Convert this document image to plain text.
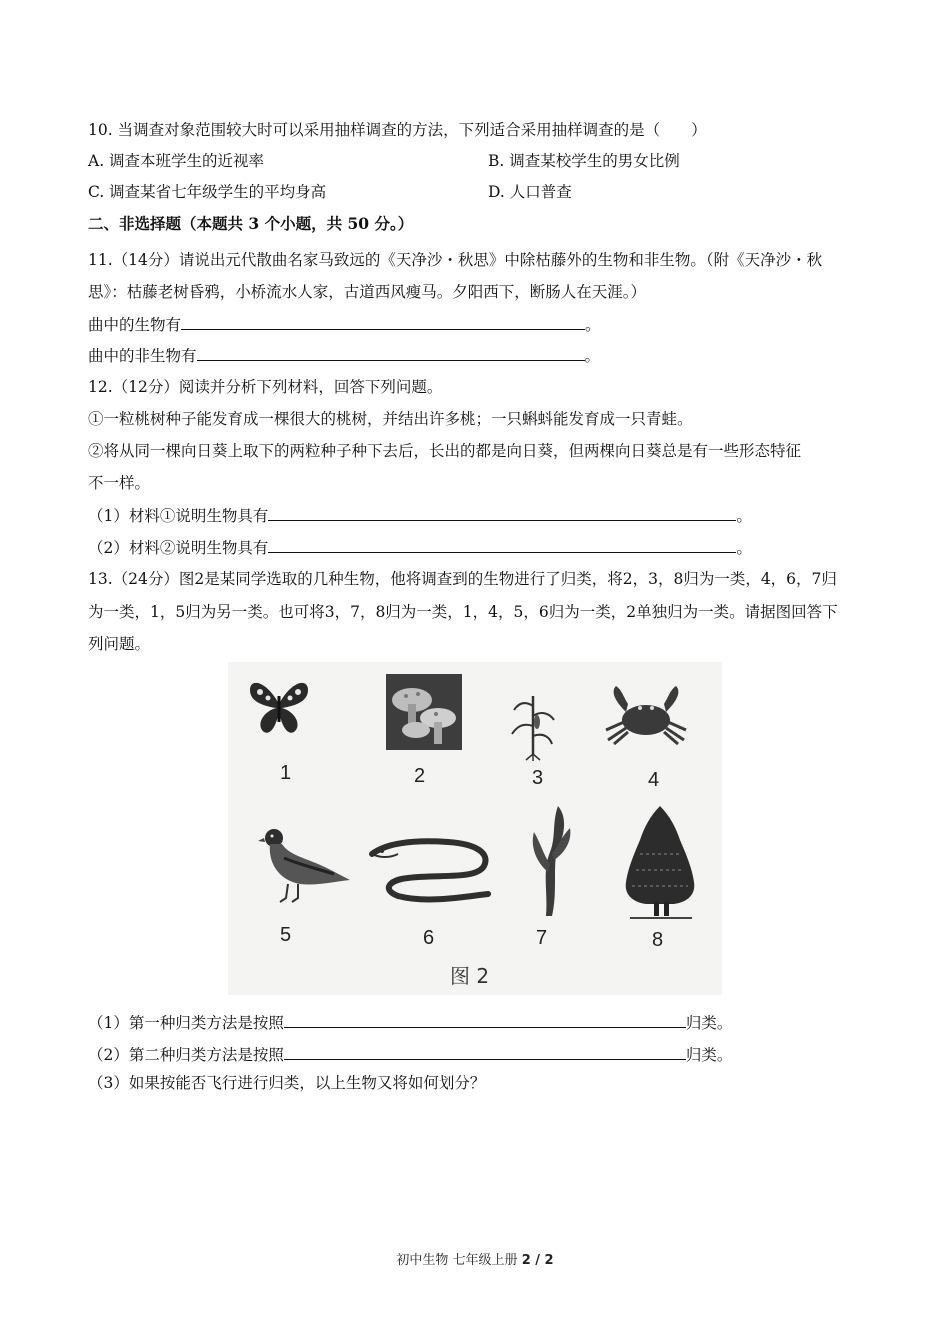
10. 当调查对象范围较大时可以采用抽样调查的方法，下列适合采用抽样调查的是（　　）
A. 调查本班学生的近视率	B. 调查某校学生的男女比例
C. 调查某省七年级学生的平均身高	D. 人口普查
二、非选择题（本题共 3 个小题，共 50 分。）
11.（14分）请说出元代散曲名家马致远的《天净沙・秋思》中除枯藤外的生物和非生物。（附《天净沙・秋
思》：枯藤老树昏鸦，小桥流水人家，古道西风瘦马。夕阳西下，断肠人在天涯。）
曲中的生物有	。
曲中的非生物有	。
12.（12分）阅读并分析下列材料，回答下列问题。
①一粒桃树种子能发育成一棵很大的桃树，并结出许多桃；一只蝌蚪能发育成一只青蛙。
②将从同一棵向日葵上取下的两粒种子种下去后，长出的都是向日葵，但两棵向日葵总是有一些形态特征
不一样。
（1）材料①说明生物具有	。
（2）材料②说明生物具有	。
13.（24分）图2是某同学选取的几种生物，他将调查到的生物进行了归类，将2，3，8归为一类，4，6，7归
为一类，1，5归为另一类。也可将3，7，8归为一类，1，4，5，6归为一类，2单独归为一类。请据图回答下
列问题。
1	2	3	4
5	6	7	8
图 2
（1）第一种归类方法是按照	归类。
（2）第二种归类方法是按照	归类。
（3）如果按能否飞行进行归类，以上生物又将如何划分？
初中生物 七年级上册 2 / 2
